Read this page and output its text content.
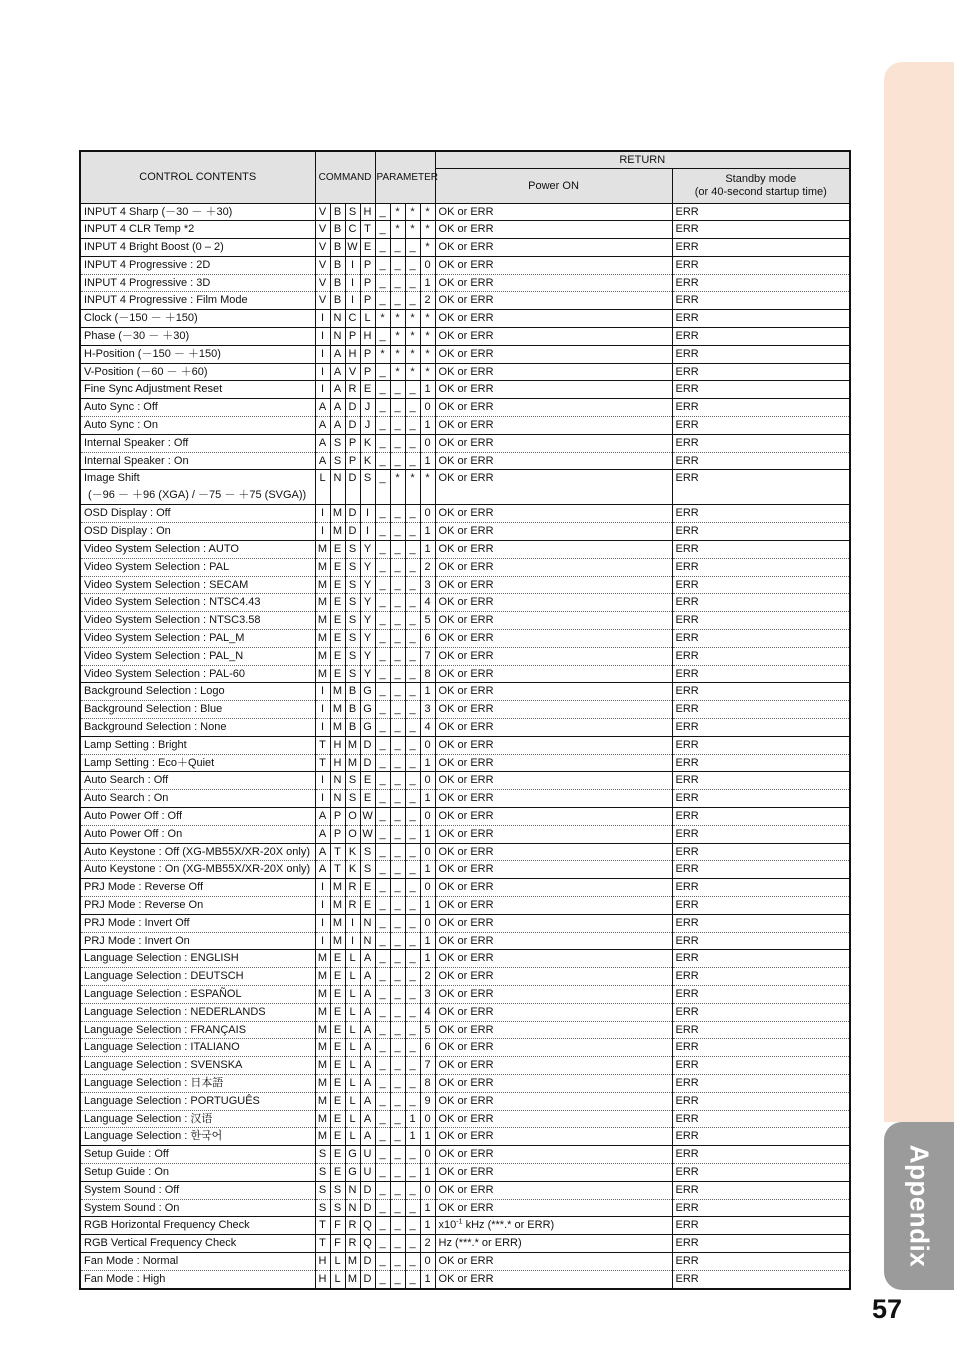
Appendix
57
CONTROL CONTENTS	COMMAND				PARAMETER				RETURN	
									Power ON	Standby mode
(or 40-second startup time)
INPUT 4 Sharp (－30 － ＋30)	V	B	S	H	_	*	*	*	OK or ERR	ERR
INPUT 4 CLR Temp *2	V	B	C	T	_	*	*	*	OK or ERR	ERR
INPUT 4 Bright Boost (0 – 2)	V	B	W	E	_	_	_	*	OK or ERR	ERR
INPUT 4 Progressive : 2D	V	B	I	P	_	_	_	0	OK or ERR	ERR
INPUT 4 Progressive : 3D	V	B	I	P	_	_	_	1	OK or ERR	ERR
INPUT 4 Progressive : Film Mode	V	B	I	P	_	_	_	2	OK or ERR	ERR
Clock (－150 － ＋150)	I	N	C	L	*	*	*	*	OK or ERR	ERR
Phase (－30 － ＋30)	I	N	P	H	_	*	*	*	OK or ERR	ERR
H-Position (－150 － ＋150)	I	A	H	P	*	*	*	*	OK or ERR	ERR
V-Position (－60 － ＋60)	I	A	V	P	_	*	*	*	OK or ERR	ERR
Fine Sync Adjustment Reset	I	A	R	E	_	_	_	1	OK or ERR	ERR
Auto Sync : Off	A	A	D	J	_	_	_	0	OK or ERR	ERR
Auto Sync : On	A	A	D	J	_	_	_	1	OK or ERR	ERR
Internal Speaker : Off	A	S	P	K	_	_	_	0	OK or ERR	ERR
Internal Speaker : On	A	S	P	K	_	_	_	1	OK or ERR	ERR
Image Shift
(－96 － ＋96 (XGA) / －75 － ＋75 (SVGA))	L	N	D	S	_	*	*	*	OK or ERR	ERR
OSD Display : Off	I	M	D	I	_	_	_	0	OK or ERR	ERR
OSD Display : On	I	M	D	I	_	_	_	1	OK or ERR	ERR
Video System Selection : AUTO	M	E	S	Y	_	_	_	1	OK or ERR	ERR
Video System Selection : PAL	M	E	S	Y	_	_	_	2	OK or ERR	ERR
Video System Selection : SECAM	M	E	S	Y	_	_	_	3	OK or ERR	ERR
Video System Selection : NTSC4.43	M	E	S	Y	_	_	_	4	OK or ERR	ERR
Video System Selection : NTSC3.58	M	E	S	Y	_	_	_	5	OK or ERR	ERR
Video System Selection : PAL_M	M	E	S	Y	_	_	_	6	OK or ERR	ERR
Video System Selection : PAL_N	M	E	S	Y	_	_	_	7	OK or ERR	ERR
Video System Selection : PAL-60	M	E	S	Y	_	_	_	8	OK or ERR	ERR
Background Selection : Logo	I	M	B	G	_	_	_	1	OK or ERR	ERR
Background Selection : Blue	I	M	B	G	_	_	_	3	OK or ERR	ERR
Background Selection : None	I	M	B	G	_	_	_	4	OK or ERR	ERR
Lamp Setting : Bright	T	H	M	D	_	_	_	0	OK or ERR	ERR
Lamp Setting : Eco＋Quiet	T	H	M	D	_	_	_	1	OK or ERR	ERR
Auto Search : Off	I	N	S	E	_	_	_	0	OK or ERR	ERR
Auto Search : On	I	N	S	E	_	_	_	1	OK or ERR	ERR
Auto Power Off : Off	A	P	O	W	_	_	_	0	OK or ERR	ERR
Auto Power Off : On	A	P	O	W	_	_	_	1	OK or ERR	ERR
Auto Keystone : Off (XG-MB55X/XR-20X only)	A	T	K	S	_	_	_	0	OK or ERR	ERR
Auto Keystone : On (XG-MB55X/XR-20X only)	A	T	K	S	_	_	_	1	OK or ERR	ERR
PRJ Mode : Reverse Off	I	M	R	E	_	_	_	0	OK or ERR	ERR
PRJ Mode : Reverse On	I	M	R	E	_	_	_	1	OK or ERR	ERR
PRJ Mode : Invert Off	I	M	I	N	_	_	_	0	OK or ERR	ERR
PRJ Mode : Invert On	I	M	I	N	_	_	_	1	OK or ERR	ERR
Language Selection : ENGLISH	M	E	L	A	_	_	_	1	OK or ERR	ERR
Language Selection : DEUTSCH	M	E	L	A	_	_	_	2	OK or ERR	ERR
Language Selection : ESPAÑOL	M	E	L	A	_	_	_	3	OK or ERR	ERR
Language Selection : NEDERLANDS	M	E	L	A	_	_	_	4	OK or ERR	ERR
Language Selection : FRANÇAIS	M	E	L	A	_	_	_	5	OK or ERR	ERR
Language Selection : ITALIANO	M	E	L	A	_	_	_	6	OK or ERR	ERR
Language Selection : SVENSKA	M	E	L	A	_	_	_	7	OK or ERR	ERR
Language Selection : 日本語	M	E	L	A	_	_	_	8	OK or ERR	ERR
Language Selection : PORTUGUÊS	M	E	L	A	_	_	_	9	OK or ERR	ERR
Language Selection : 汉语	M	E	L	A	_	_	1	0	OK or ERR	ERR
Language Selection : 한국어	M	E	L	A	_	_	1	1	OK or ERR	ERR
Setup Guide : Off	S	E	G	U	_	_	_	0	OK or ERR	ERR
Setup Guide : On	S	E	G	U	_	_	_	1	OK or ERR	ERR
System Sound : Off	S	S	N	D	_	_	_	0	OK or ERR	ERR
System Sound : On	S	S	N	D	_	_	_	1	OK or ERR	ERR
RGB Horizontal Frequency Check	T	F	R	Q	_	_	_	1	$x10^{-1}$ kHz (***.* or ERR)	ERR
RGB Vertical Frequency Check	T	F	R	Q	_	_	_	2	Hz (***.* or ERR)	ERR
Fan Mode : Normal	H	L	M	D	_	_	_	0	OK or ERR	ERR
Fan Mode : High	H	L	M	D	_	_	_	1	OK or ERR	ERR
